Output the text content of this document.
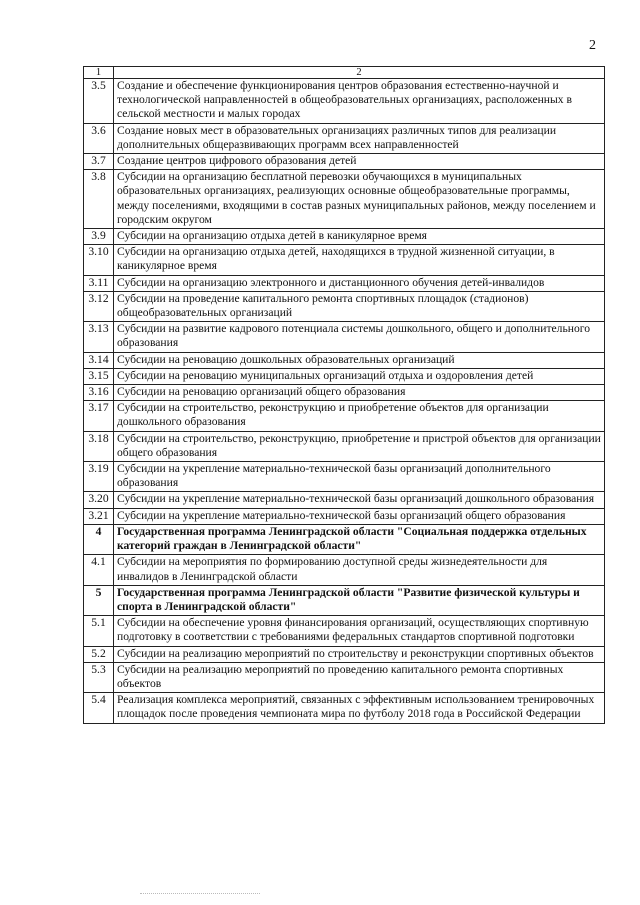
2
1	2
3.5	Создание и обеспечение функционирования центров образования естественно-научной и технологической направленностей в общеобразовательных организациях, расположенных в сельской местности и малых городах
3.6	Создание новых мест в образовательных организациях различных типов для реализации дополнительных общеразвивающих программ всех направленностей
3.7	Создание центров цифрового образования детей
3.8	Субсидии на организацию бесплатной перевозки обучающихся в муниципальных образовательных организациях, реализующих основные общеобразовательные программы, между поселениями, входящими в состав разных муниципальных районов, между поселением и городским округом
3.9	Субсидии на организацию отдыха детей в каникулярное время
3.10	Субсидии на организацию отдыха детей, находящихся в трудной жизненной ситуации, в каникулярное время
3.11	Субсидии на организацию электронного и дистанционного обучения детей-инвалидов
3.12	Субсидии на проведение капитального ремонта спортивных площадок (стадионов) общеобразовательных организаций
3.13	Субсидии на развитие кадрового потенциала системы дошкольного, общего и дополнительного образования
3.14	Субсидии на реновацию дошкольных образовательных организаций
3.15	Субсидии на реновацию муниципальных организаций отдыха и оздоровления детей
3.16	Субсидии на реновацию организаций общего образования
3.17	Субсидии на строительство, реконструкцию и приобретение объектов для организации дошкольного образования
3.18	Субсидии на строительство, реконструкцию, приобретение и пристрой объектов для организации общего образования
3.19	Субсидии на укрепление материально-технической базы организаций дополнительного образования
3.20	Субсидии на укрепление материально-технической базы организаций дошкольного образования
3.21	Субсидии на укрепление материально-технической базы организаций общего образования
4	Государственная программа Ленинградской области "Социальная поддержка отдельных категорий граждан в Ленинградской области"
4.1	Субсидии на мероприятия по формированию доступной среды жизнедеятельности для инвалидов в Ленинградской области
5	Государственная программа Ленинградской области "Развитие физической культуры и спорта в Ленинградской области"
5.1	Субсидии на обеспечение уровня финансирования организаций, осуществляющих спортивную подготовку в соответствии с требованиями федеральных стандартов спортивной подготовки
5.2	Субсидии на реализацию мероприятий по строительству и реконструкции спортивных объектов
5.3	Субсидии на реализацию мероприятий по проведению капитального ремонта спортивных объектов
5.4	Реализация комплекса мероприятий, связанных с эффективным использованием тренировочных площадок после проведения чемпионата мира по футболу 2018 года в Российской Федерации
